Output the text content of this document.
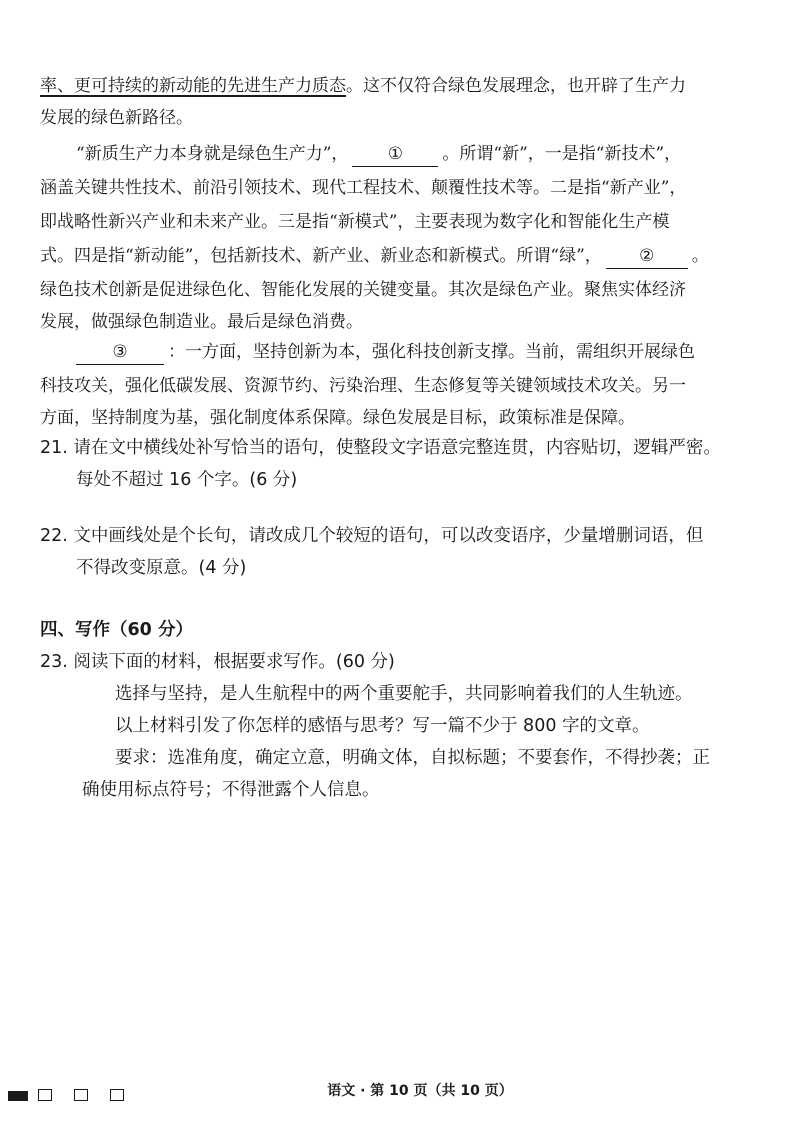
率、更可持续的新动能的先进生产力质态。这不仅符合绿色发展理念，也开辟了生产力
发展的绿色新路径。
“新质生产力本身就是绿色生产力”， ① 。所谓“新”，一是指“新技术”，
涵盖关键共性技术、前沿引领技术、现代工程技术、颠覆性技术等。二是指“新产业”，
即战略性新兴产业和未来产业。三是指“新模式”，主要表现为数字化和智能化生产模
式。四是指“新动能”，包括新技术、新产业、新业态和新模式。所谓“绿”， ② 。
绿色技术创新是促进绿色化、智能化发展的关键变量。其次是绿色产业。聚焦实体经济
发展，做强绿色制造业。最后是绿色消费。
③ ：一方面，坚持创新为本，强化科技创新支撑。当前，需组织开展绿色
科技攻关，强化低碳发展、资源节约、污染治理、生态修复等关键领域技术攻关。另一
方面，坚持制度为基，强化制度体系保障。绿色发展是目标，政策标准是保障。
21. 请在文中横线处补写恰当的语句，使整段文字语意完整连贯，内容贴切，逻辑严密。
每处不超过 16 个字。(6 分)
22. 文中画线处是个长句，请改成几个较短的语句，可以改变语序，少量增删词语，但
不得改变原意。(4 分)
四、写作（60 分）
23. 阅读下面的材料，根据要求写作。(60 分)
选择与坚持，是人生航程中的两个重要舵手，共同影响着我们的人生轨迹。
以上材料引发了你怎样的感悟与思考？写一篇不少于 800 字的文章。
要求：选准角度，确定立意，明确文体，自拟标题；不要套作，不得抄袭；正
确使用标点符号；不得泄露个人信息。
语文 · 第 10 页（共 10 页）
